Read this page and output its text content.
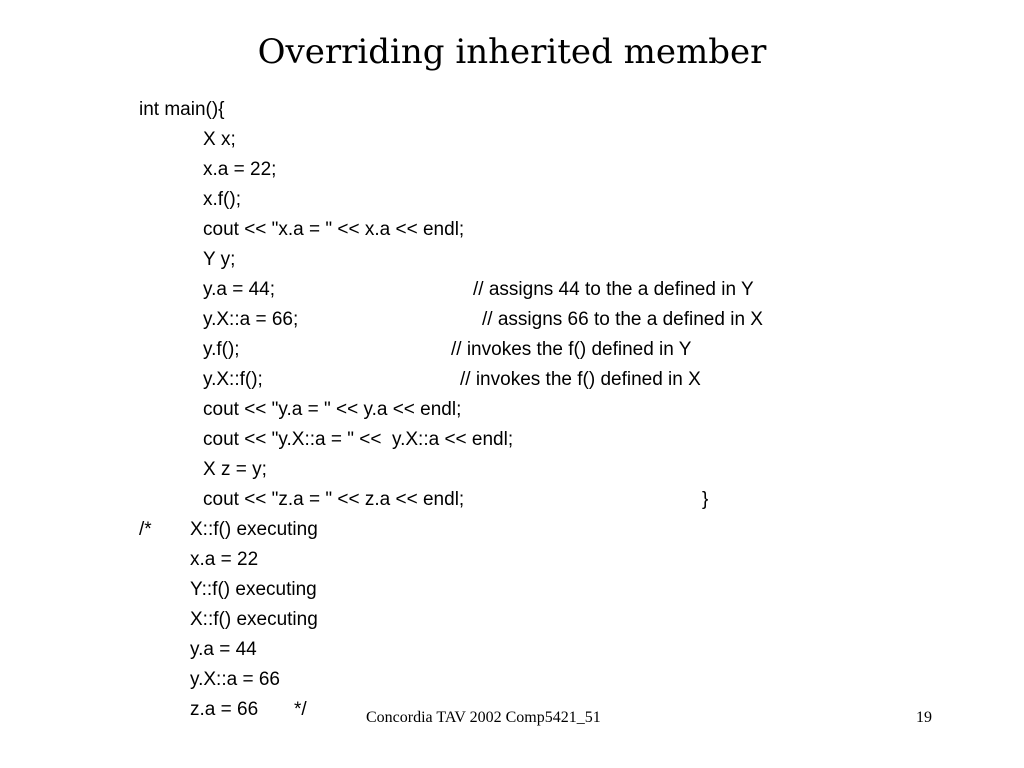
Overriding inherited member
int main(){
X x;
x.a = 22;
x.f();
cout << "x.a = " << x.a << endl;
Y y;
y.a = 44;	// assigns 44 to the a defined in Y
y.X::a = 66;	// assigns 66 to the a defined in X
y.f();	// invokes the f() defined in Y
y.X::f();	// invokes the f() defined in X
cout << "y.a = " << y.a << endl;
cout << "y.X::a = " <<  y.X::a << endl;
X z = y;
cout << "z.a = " << z.a << endl;	}
/* X::f() executing
x.a = 22
Y::f() executing
X::f() executing
y.a = 44
y.X::a = 66
z.a = 66 */	Concordia TAV 2002 Comp5421_51	19
